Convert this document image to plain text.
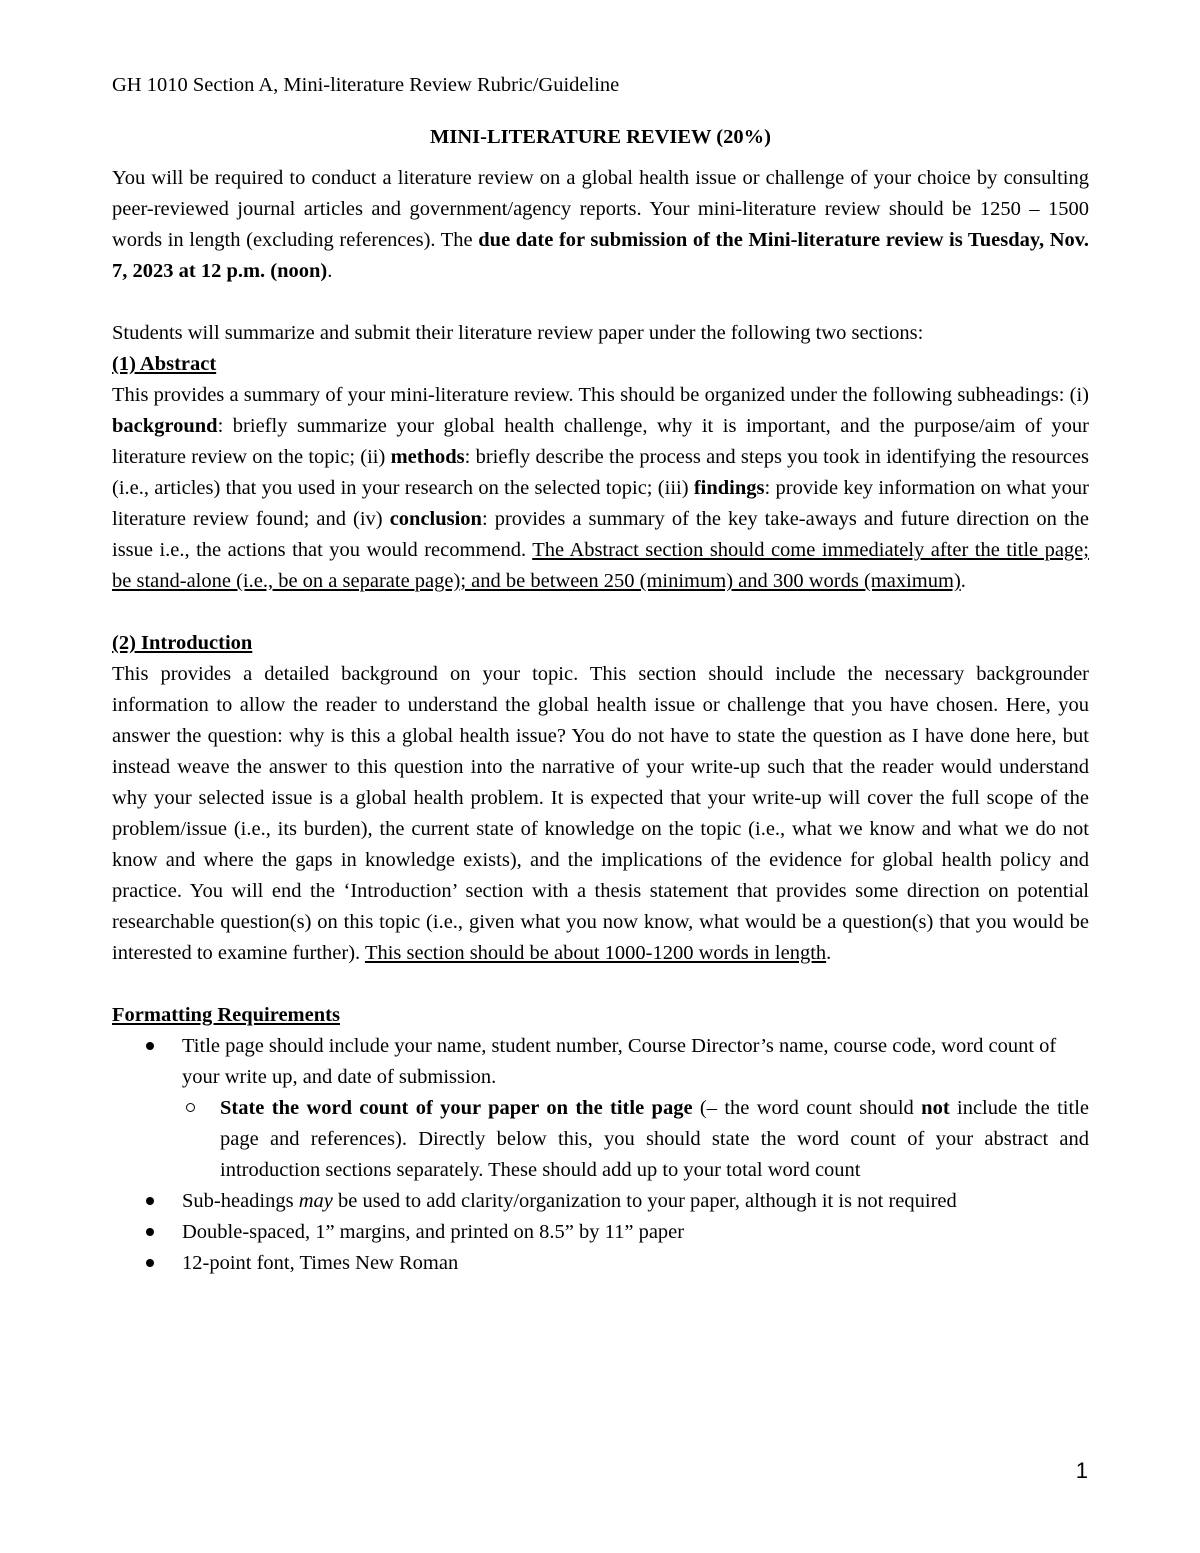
GH 1010 Section A, Mini-literature Review Rubric/Guideline

MINI-LITERATURE REVIEW (20%)

You will be required to conduct a literature review on a global health issue or challenge of your choice by consulting peer-reviewed journal articles and government/agency reports. Your mini-literature review should be 1250 – 1500 words in length (excluding references). The due date for submission of the Mini-literature review is Tuesday, Nov. 7, 2023 at 12 p.m. (noon).

Students will summarize and submit their literature review paper under the following two sections:

(1) Abstract

This provides a summary of your mini-literature review. This should be organized under the following subheadings: (i) background: briefly summarize your global health challenge, why it is important, and the purpose/aim of your literature review on the topic; (ii) methods: briefly describe the process and steps you took in identifying the resources (i.e., articles) that you used in your research on the selected topic; (iii) findings: provide key information on what your literature review found; and (iv) conclusion: provides a summary of the key take-aways and future direction on the issue i.e., the actions that you would recommend. The Abstract section should come immediately after the title page; be stand-alone (i.e., be on a separate page); and be between 250 (minimum) and 300 words (maximum).

(2) Introduction

This provides a detailed background on your topic. This section should include the necessary backgrounder information to allow the reader to understand the global health issue or challenge that you have chosen. Here, you answer the question: why is this a global health issue? You do not have to state the question as I have done here, but instead weave the answer to this question into the narrative of your write-up such that the reader would understand why your selected issue is a global health problem. It is expected that your write-up will cover the full scope of the problem/issue (i.e., its burden), the current state of knowledge on the topic (i.e., what we know and what we do not know and where the gaps in knowledge exists), and the implications of the evidence for global health policy and practice. You will end the ‘Introduction’ section with a thesis statement that provides some direction on potential researchable question(s) on this topic (i.e., given what you now know, what would be a question(s) that you would be interested to examine further). This section should be about 1000-1200 words in length.

Formatting Requirements

Title page should include your name, student number, Course Director’s name, course code, word count of your write up, and date of submission.
State the word count of your paper on the title page (– the word count should not include the title page and references). Directly below this, you should state the word count of your abstract and introduction sections separately. These should add up to your total word count
Sub-headings may be used to add clarity/organization to your paper, although it is not required
Double-spaced, 1” margins, and printed on 8.5” by 11” paper
12-point font, Times New Roman
1
